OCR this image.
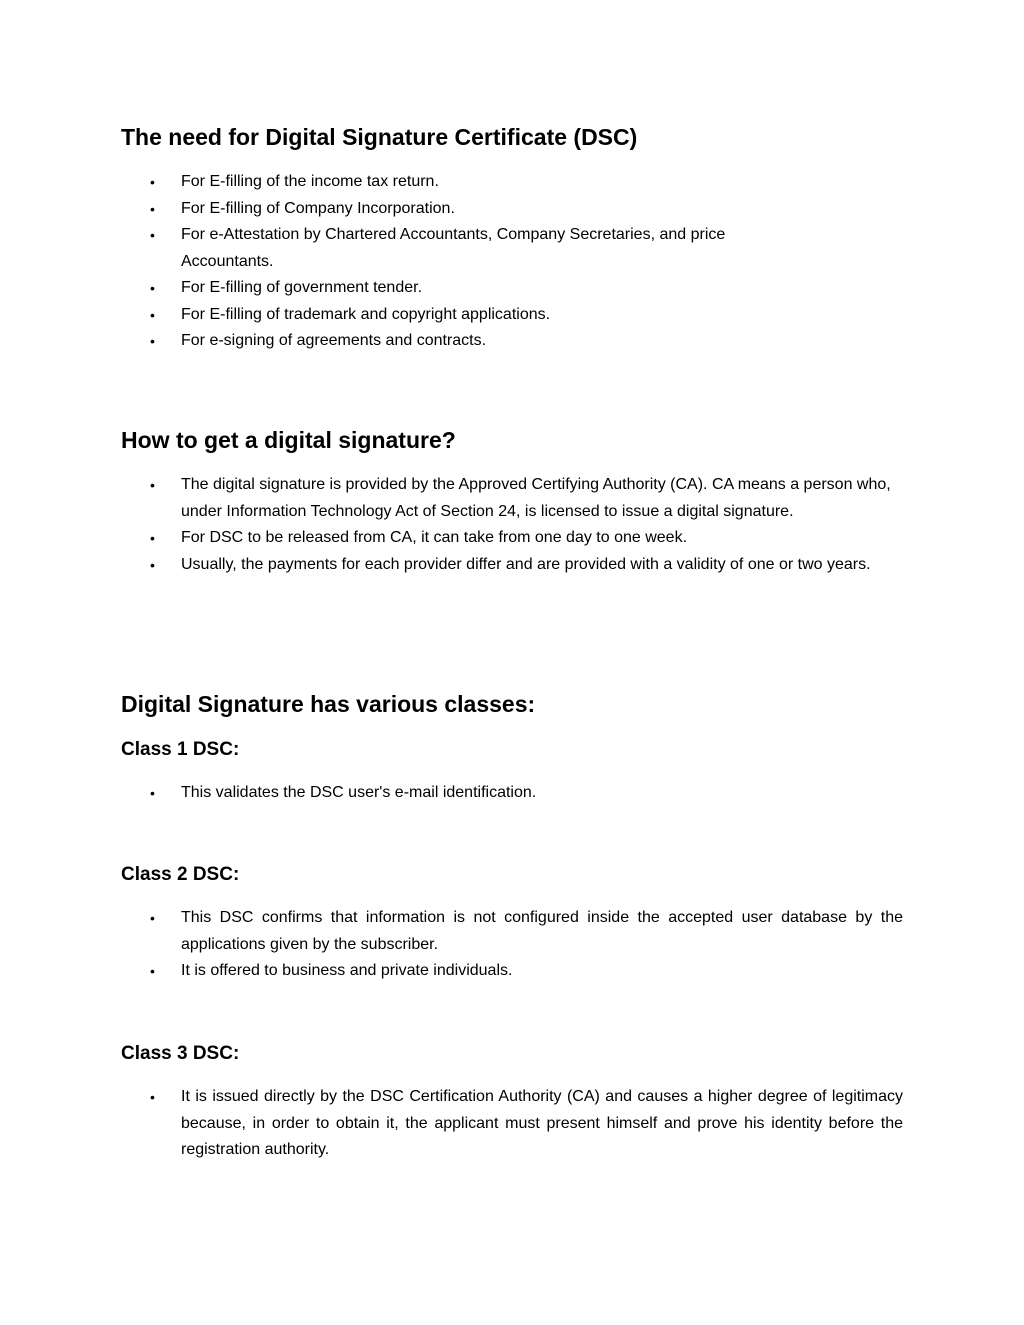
The need for Digital Signature Certificate (DSC)
•	For E-filling of the income tax return.
•	For E-filling of Company Incorporation.
•	For e-Attestation by Chartered Accountants, Company Secretaries, and price Accountants.
•	For E-filling of government tender.
•	For E-filling of trademark and copyright applications.
•	For e-signing of agreements and contracts.
How to get a digital signature?
•	The digital signature is provided by the Approved Certifying Authority (CA). CA means a person who, under Information Technology Act of Section 24, is licensed to issue a digital signature.
•	For DSC to be released from CA, it can take from one day to one week.
•	Usually, the payments for each provider differ and are provided with a validity of one or two years.
Digital Signature has various classes:
Class 1 DSC:
•	This validates the DSC user's e-mail identification.
Class 2 DSC:
•	This DSC confirms that information is not configured inside the accepted user database by the applications given by the subscriber.
•	It is offered to business and private individuals.
Class 3 DSC:
•	It is issued directly by the DSC Certification Authority (CA) and causes a higher degree of legitimacy because, in order to obtain it, the applicant must present himself and prove his identity before the registration authority.
